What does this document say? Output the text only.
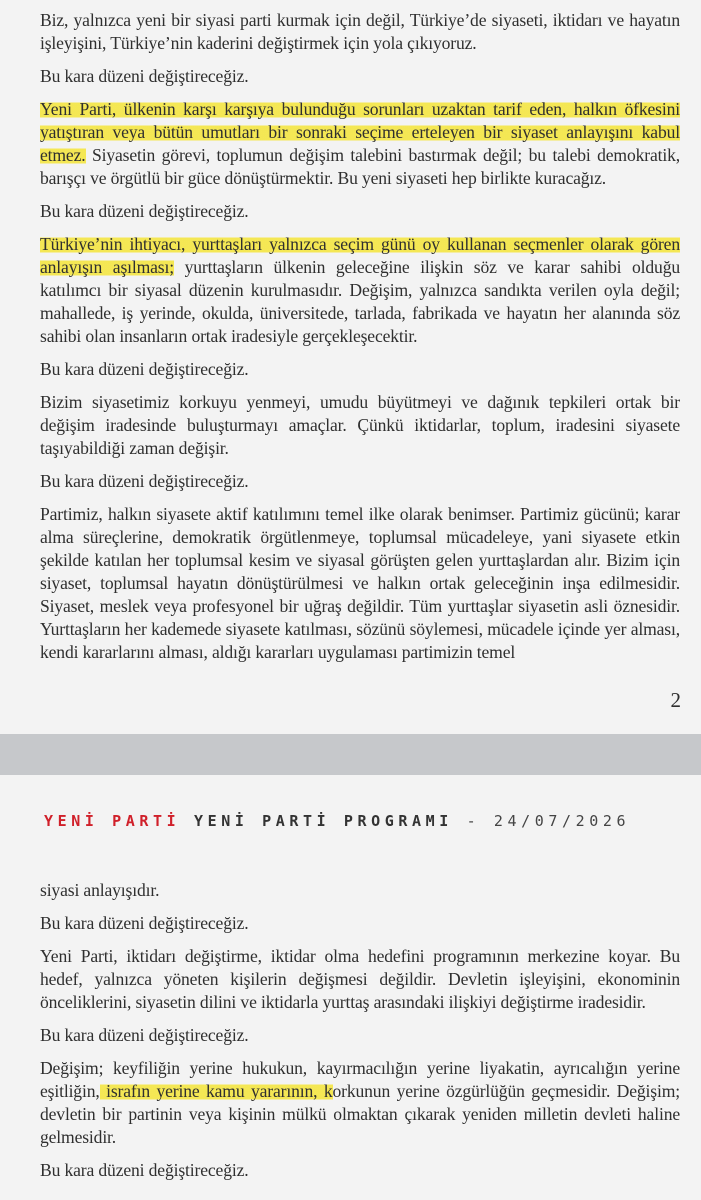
Biz, yalnızca yeni bir siyasi parti kurmak için değil, Türkiye’de siyaseti, iktidarı ve hayatın işleyişini, Türkiye’nin kaderini değiştirmek için yola çıkıyoruz.

Bu kara düzeni değiştireceğiz.

Yeni Parti, ülkenin karşı karşıya bulunduğu sorunları uzaktan tarif eden, halkın öfkesini yatıştıran veya bütün umutları bir sonraki seçime erteleyen bir siyaset anlayışını kabul etmez. Siyasetin görevi, toplumun değişim talebini bastırmak değil; bu talebi demokratik, barışçı ve örgütlü bir güce dönüştürmektir. Bu yeni siyaseti hep birlikte kuracağız.

Bu kara düzeni değiştireceğiz.

Türkiye’nin ihtiyacı, yurttaşları yalnızca seçim günü oy kullanan seçmenler olarak gören anlayışın aşılması; yurttaşların ülkenin geleceğine ilişkin söz ve karar sahibi olduğu katılımcı bir siyasal düzenin kurulmasıdır. Değişim, yalnızca sandıkta verilen oyla değil; mahallede, iş yerinde, okulda, üniversitede, tarlada, fabrikada ve hayatın her alanında söz sahibi olan insanların ortak iradesiyle gerçekleşecektir.

Bu kara düzeni değiştireceğiz.

Bizim siyasetimiz korkuyu yenmeyi, umudu büyütmeyi ve dağınık tepkileri ortak bir değişim iradesinde buluşturmayı amaçlar. Çünkü iktidarlar, toplum, iradesini siyasete taşıyabildiği zaman değişir.

Bu kara düzeni değiştireceğiz.

Partimiz, halkın siyasete aktif katılımını temel ilke olarak benimser. Partimiz gücünü; karar alma süreçlerine, demokratik örgütlenmeye, toplumsal mücadeleye, yani siyasete etkin şekilde katılan her toplumsal kesim ve siyasal görüşten gelen yurttaşlardan alır. Bizim için siyaset, toplumsal hayatın dönüştürülmesi ve halkın ortak geleceğinin inşa edilmesidir. Siyaset, meslek veya profesyonel bir uğraş değildir. Tüm yurttaşlar siyasetin asli öznesidir. Yurttaşların her kademede siyasete katılması, sözünü söylemesi, mücadele içinde yer alması, kendi kararlarını alması, aldığı kararları uygulaması partimizin temel

2

siyasi anlayışıdır.

Bu kara düzeni değiştireceğiz.

Yeni Parti, iktidarı değiştirme, iktidar olma hedefini programının merkezine koyar. Bu hedef, yalnızca yöneten kişilerin değişmesi değildir. Devletin işleyişini, ekonominin önceliklerini, siyasetin dilini ve iktidarla yurttaş arasındaki ilişkiyi değiştirme iradesidir.

Bu kara düzeni değiştireceğiz.

Değişim; keyfiliğin yerine hukukun, kayırmacılığın yerine liyakatin, ayrıcalığın yerine eşitliğin, israfın yerine kamu yararının, korkunun yerine özgürlüğün geçmesidir. Değişim; devletin bir partinin veya kişinin mülkü olmaktan çıkarak yeniden milletin devleti haline gelmesidir.

Bu kara düzeni değiştireceğiz.

YENİ PARTİ YENİ PARTİ PROGRAMI - 24/07/2026
